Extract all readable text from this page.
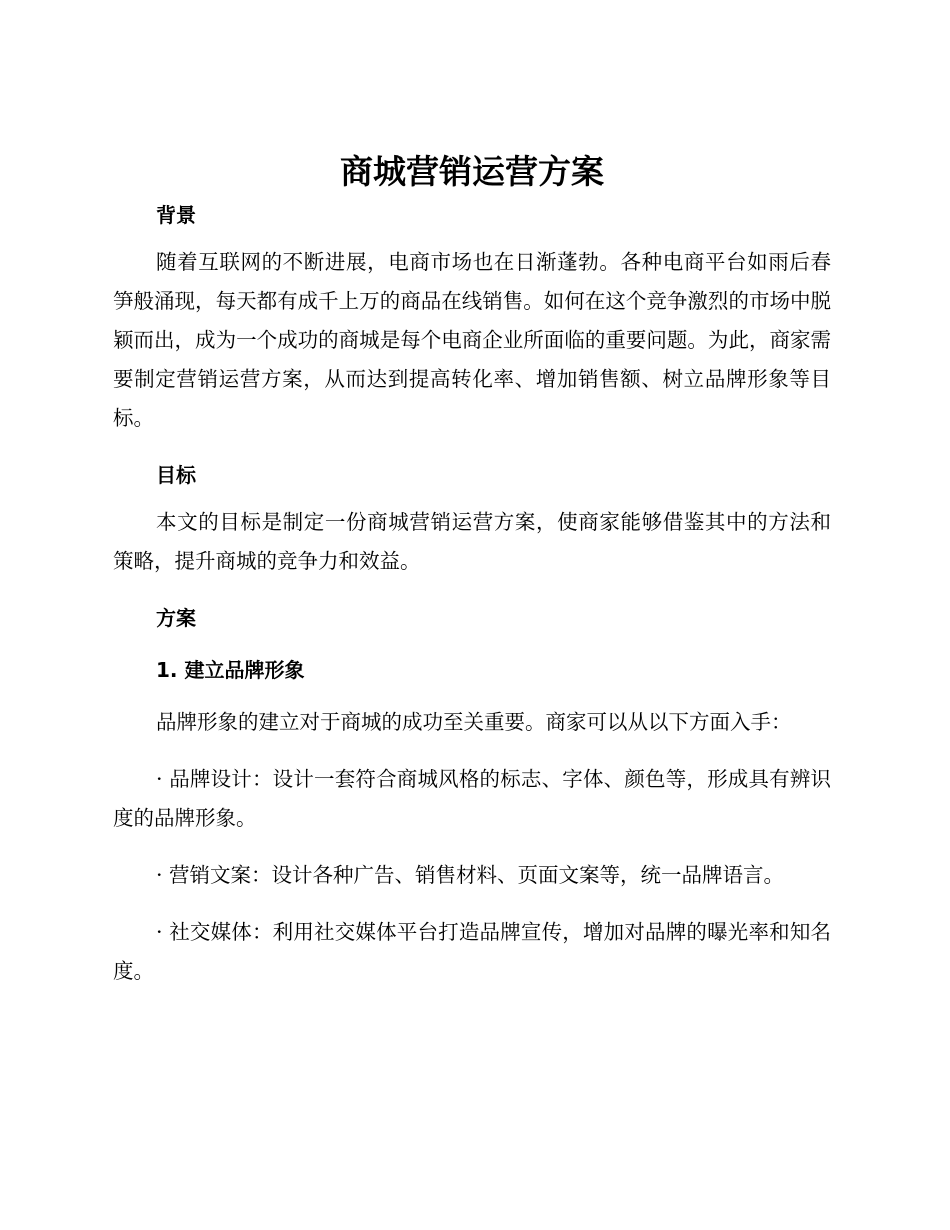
商城营销运营方案
背景

随着互联网的不断进展，电商市场也在日渐蓬勃。各种电商平台如雨后春笋般涌现，每天都有成千上万的商品在线销售。如何在这个竞争激烈的市场中脱颖而出，成为一个成功的商城是每个电商企业所面临的重要问题。为此，商家需要制定营销运营方案，从而达到提高转化率、增加销售额、树立品牌形象等目标。

目标

本文的目标是制定一份商城营销运营方案，使商家能够借鉴其中的方法和策略，提升商城的竞争力和效益。

方案
1. 建立品牌形象

品牌形象的建立对于商城的成功至关重要。商家可以从以下方面入手：

· 品牌设计：设计一套符合商城风格的标志、字体、颜色等，形成具有辨识度的品牌形象。

· 营销文案：设计各种广告、销售材料、页面文案等，统一品牌语言。

· 社交媒体：利用社交媒体平台打造品牌宣传，增加对品牌的曝光率和知名度。
